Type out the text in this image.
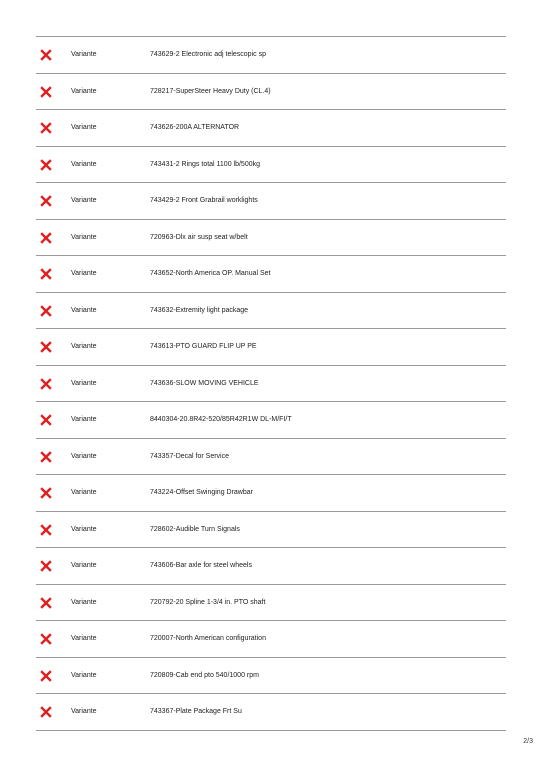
Variante	743629-2 Electronic adj telescopic sp
Variante	728217-SuperSteer Heavy Duty (CL.4)
Variante	743626-200A ALTERNATOR
Variante	743431-2 Rings total 1100 lb/500kg
Variante	743429-2 Front Grabrail worklights
Variante	720963-Dlx air susp seat w/belt
Variante	743652-North America OP. Manual Set
Variante	743632-Extremity light package
Variante	743613-PTO GUARD FLIP UP PE
Variante	743636-SLOW MOVING VEHICLE
Variante	8440304-20.8R42-520/85R42R1W DL-M/FI/T
Variante	743357-Decal for Service
Variante	743224-Offset Swinging Drawbar
Variante	728602-Audible Turn Signals
Variante	743606-Bar axle for steel wheels
Variante	720792-20 Spline 1-3/4 in. PTO shaft
Variante	720007-North American configuration
Variante	720809-Cab end pto 540/1000 rpm
Variante	743367-Plate Package Frt Su
2/3
